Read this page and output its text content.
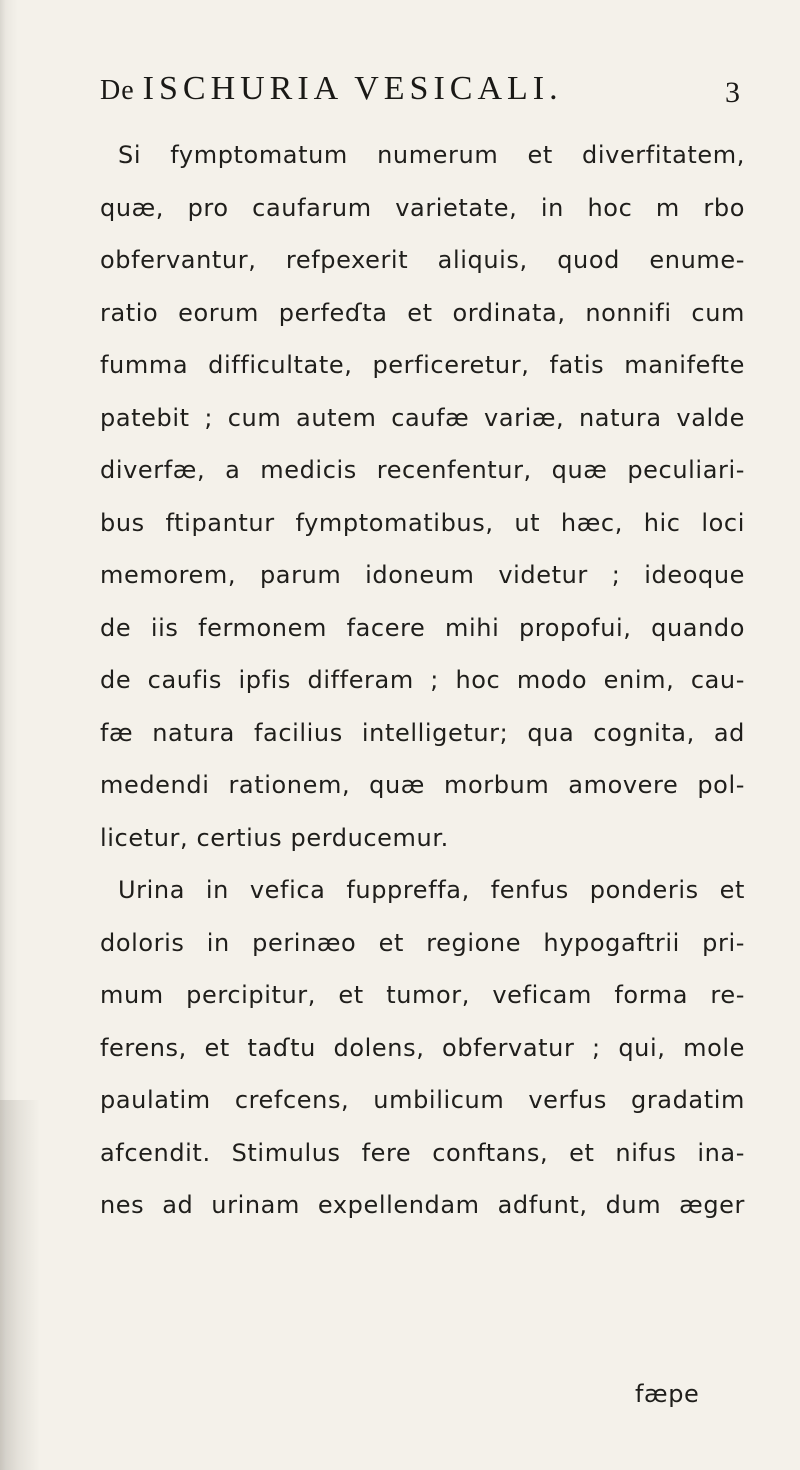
De ISCHURIA VESICALI.	3
Si fymptomatum numerum et diverfitatem,
quæ, pro caufarum varietate, in hoc m rbo
obfervantur, refpexerit aliquis, quod enume-
ratio eorum perfeɗta et ordinata, nonnifi cum
fumma difficultate, perficeretur, fatis manifefte
patebit ; cum autem caufæ variæ, natura valde
diverfæ, a medicis recenfentur, quæ peculiari-
bus ftipantur fymptomatibus, ut hæc, hic loci
memorem, parum idoneum videtur ; ideoque
de iis fermonem facere mihi propofui, quando
de caufis ipfis differam ; hoc modo enim, cau-
fæ natura facilius intelligetur; qua cognita, ad
medendi rationem, quæ morbum amovere pol-
licetur, certius perducemur.
Urina in vefica fuppreffa, fenfus ponderis et
doloris in perinæo et regione hypogaftrii pri-
mum percipitur, et tumor, veficam forma re-
ferens, et taɗtu dolens, obfervatur ; qui, mole
paulatim crefcens, umbilicum verfus gradatim
afcendit. Stimulus fere conftans, et nifus ina-
nes ad urinam expellendam adfunt, dum æger
fæpe
